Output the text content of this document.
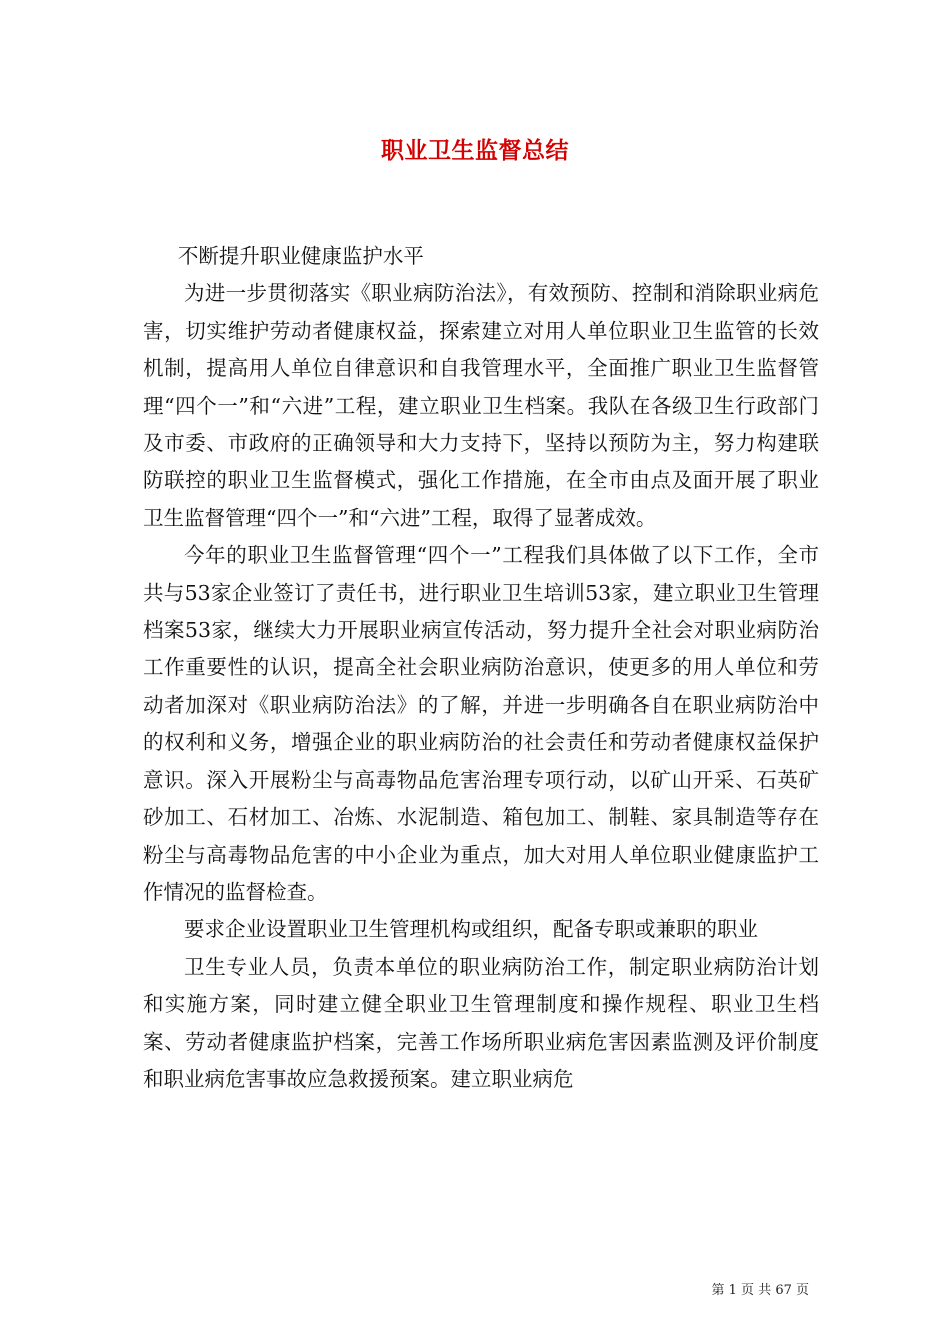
职业卫生监督总结

不断提升职业健康监护水平

为进一步贯彻落实《职业病防治法》，有效预防、控制和消除职业病危害，切实维护劳动者健康权益，探索建立对用人单位职业卫生监管的长效机制，提高用人单位自律意识和自我管理水平，全面推广职业卫生监督管理“四个一”和“六进”工程，建立职业卫生档案。我队在各级卫生行政部门及市委、市政府的正确领导和大力支持下，坚持以预防为主，努力构建联防联控的职业卫生监督模式，强化工作措施，在全市由点及面开展了职业卫生监督管理“四个一”和“六进”工程，取得了显著成效。

今年的职业卫生监督管理“四个一”工程我们具体做了以下工作，全市共与53家企业签订了责任书，进行职业卫生培训53家，建立职业卫生管理档案53家，继续大力开展职业病宣传活动，努力提升全社会对职业病防治工作重要性的认识，提高全社会职业病防治意识，使更多的用人单位和劳动者加深对《职业病防治法》的了解，并进一步明确各自在职业病防治中的权利和义务，增强企业的职业病防治的社会责任和劳动者健康权益保护意识。深入开展粉尘与高毒物品危害治理专项行动，以矿山开采、石英矿砂加工、石材加工、冶炼、水泥制造、箱包加工、制鞋、家具制造等存在粉尘与高毒物品危害的中小企业为重点，加大对用人单位职业健康监护工作情况的监督检查。

要求企业设置职业卫生管理机构或组织，配备专职或兼职的职业

卫生专业人员，负责本单位的职业病防治工作，制定职业病防治计划和实施方案，同时建立健全职业卫生管理制度和操作规程、职业卫生档案、劳动者健康监护档案，完善工作场所职业病危害因素监测及评价制度和职业病危害事故应急救援预案。建立职业病危

第 1 页 共 67 页
